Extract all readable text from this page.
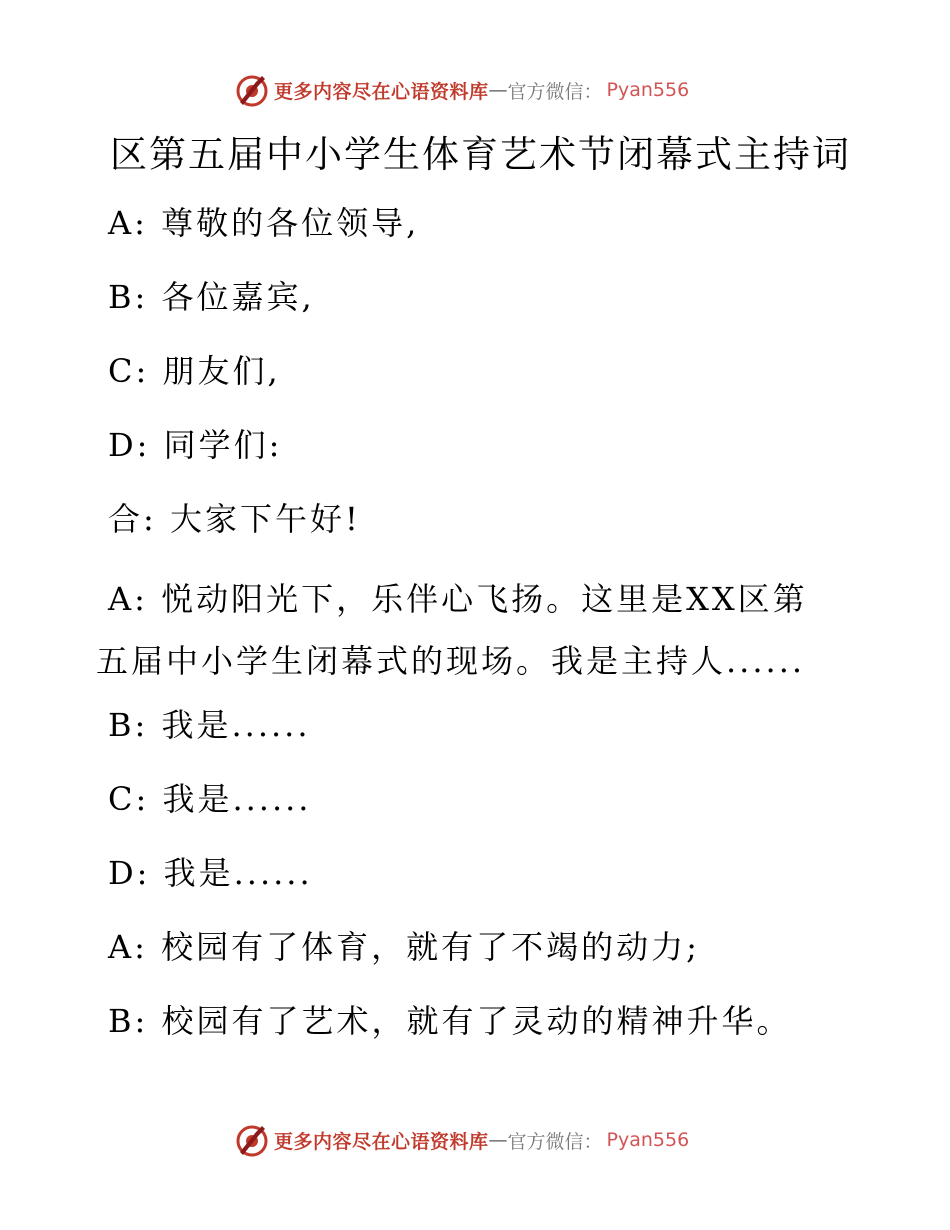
更多内容尽在心语资料库 — 官方微信： Pyan556
区第五届中小学生体育艺术节闭幕式主持词
A: 尊敬的各位领导,
B: 各位嘉宾,
C: 朋友们,
D: 同学们:
合: 大家下午好!
A: 悦动阳光下，乐伴心飞扬。这里是XX区第五届中小学生闭幕式的现场。我是主持人......
B: 我是......
C: 我是......
D: 我是......
A: 校园有了体育，就有了不竭的动力;
B: 校园有了艺术，就有了灵动的精神升华。
更多内容尽在心语资料库 — 官方微信： Pyan556
